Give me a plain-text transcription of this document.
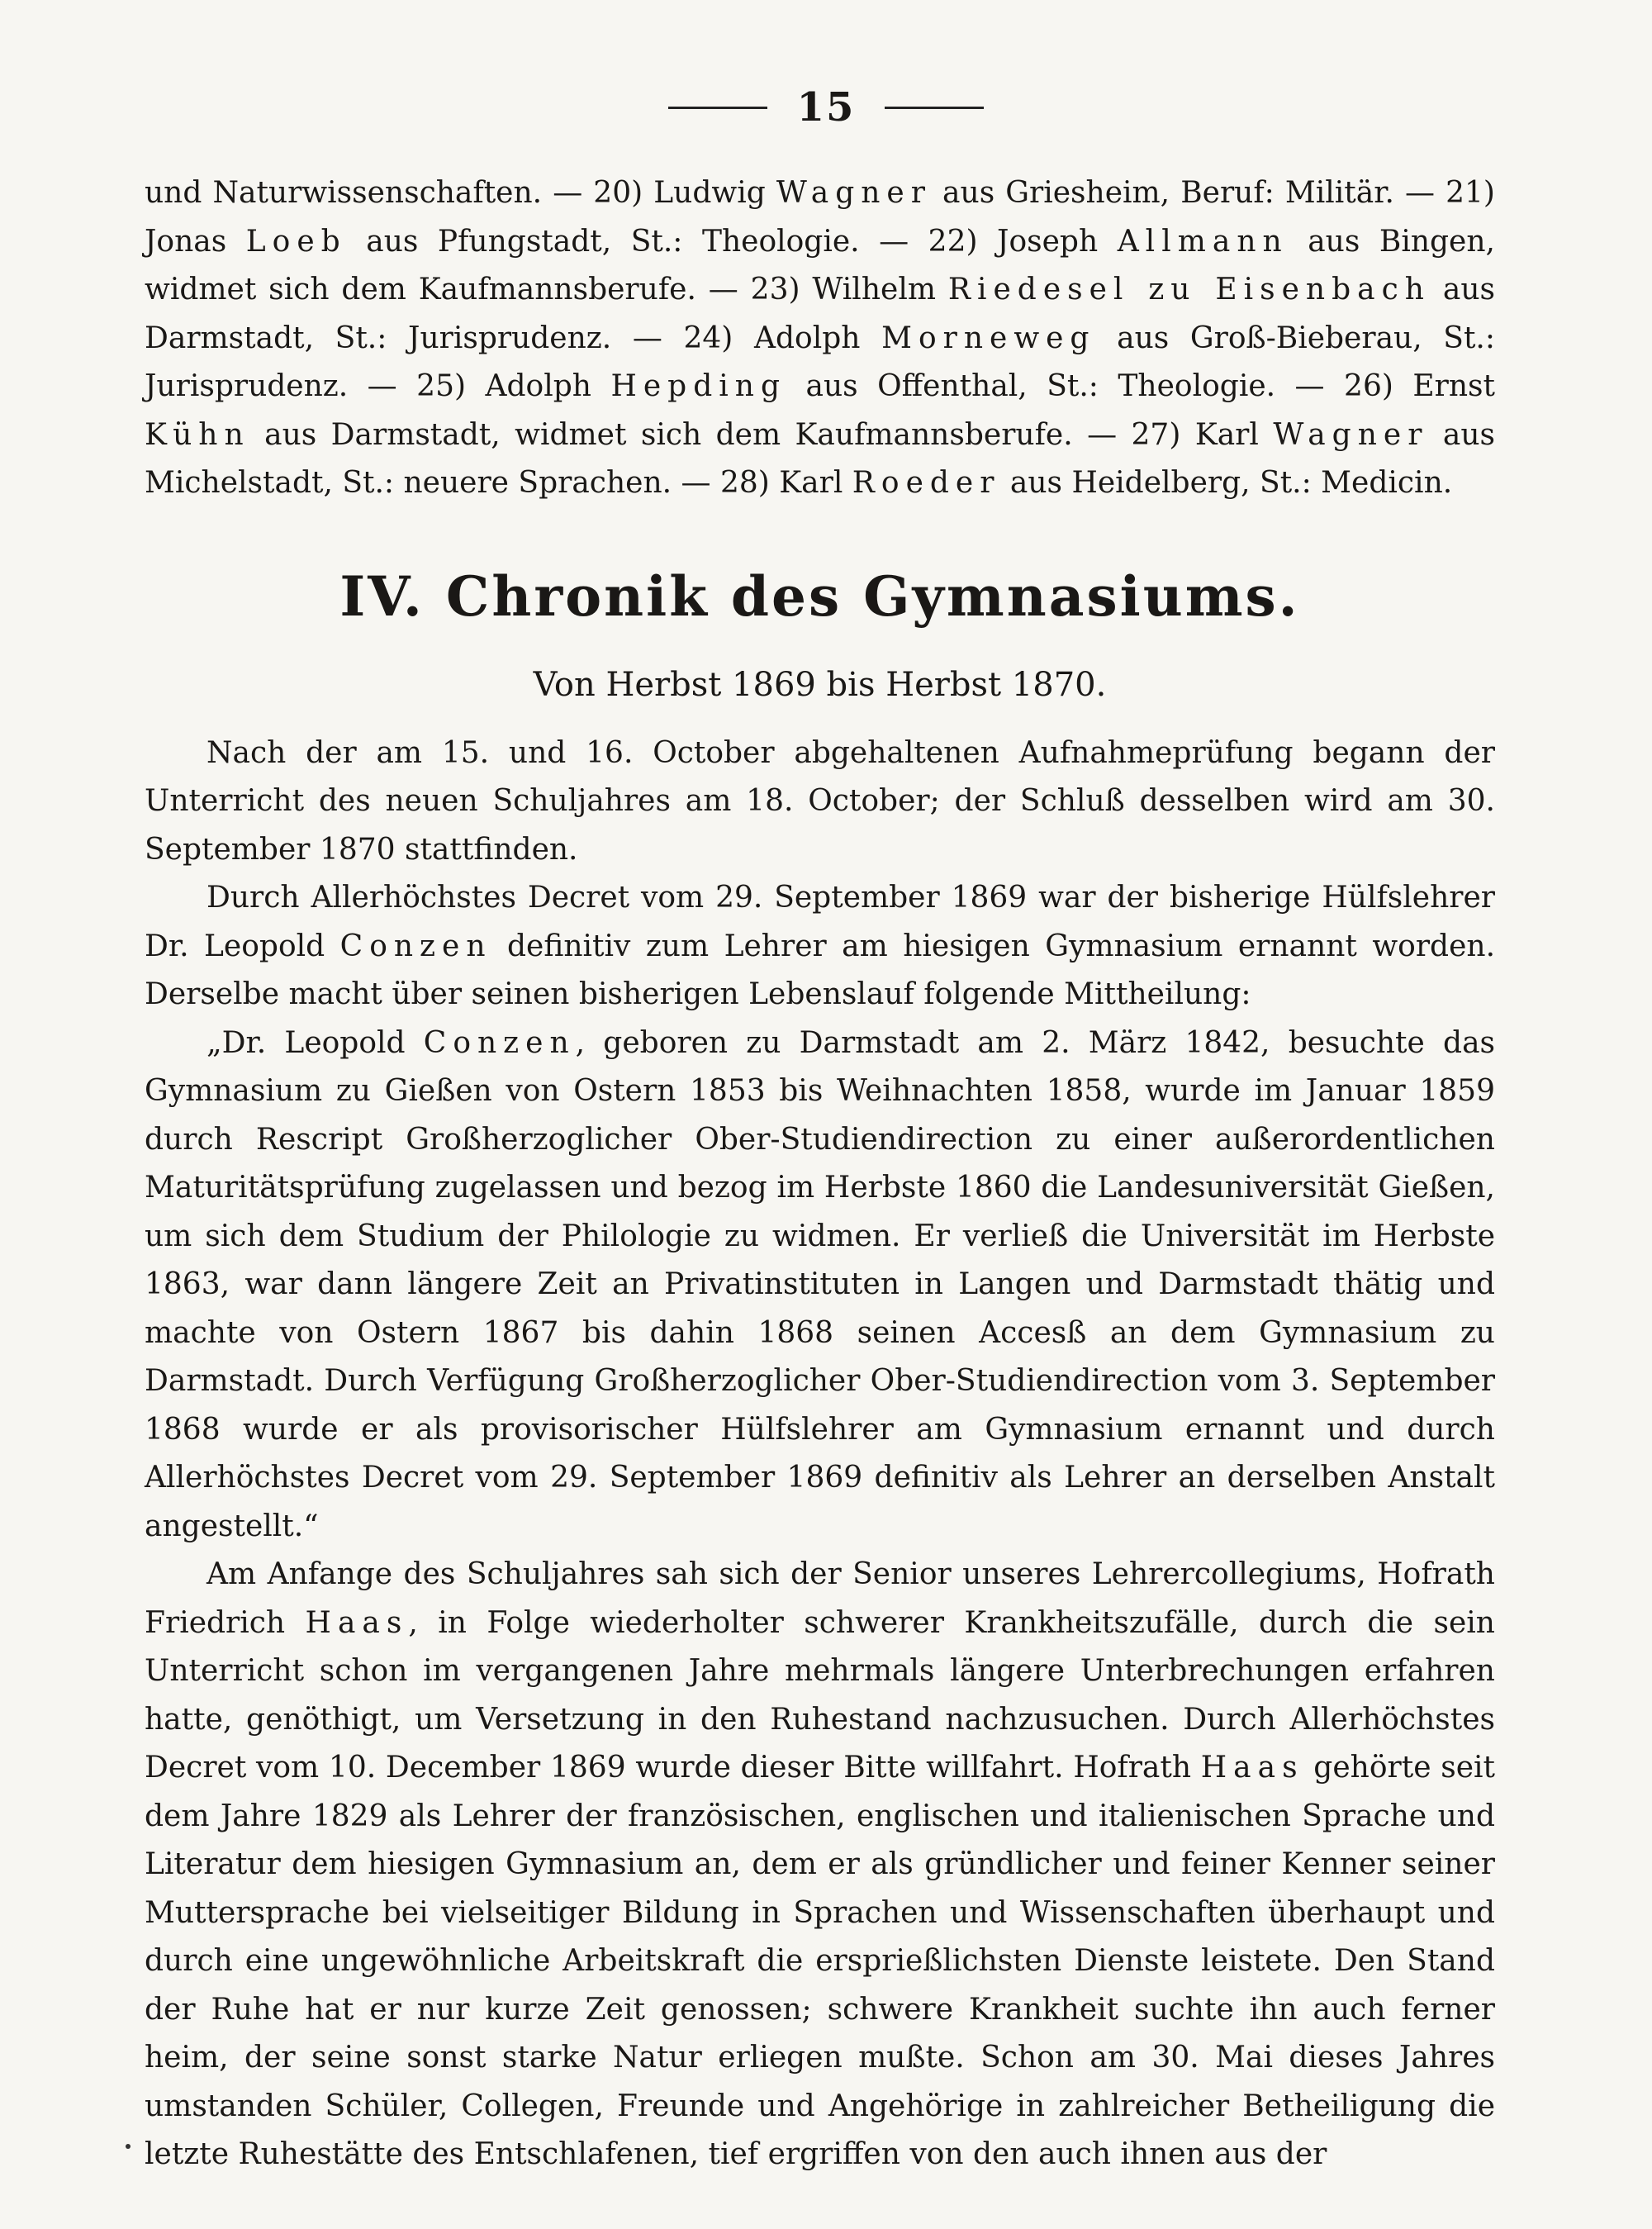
15

und Naturwissenschaften. — 20) Ludwig Wagner aus Griesheim, Beruf: Militär. — 21) Jonas Loeb aus Pfungstadt, St.: Theologie. — 22) Joseph Allmann aus Bingen, widmet sich dem Kaufmannsberufe. — 23) Wilhelm Riedesel zu Eisenbach aus Darmstadt, St.: Jurisprudenz. — 24) Adolph Morneweg aus Groß-Bieberau, St.: Jurisprudenz. — 25) Adolph Hepding aus Offenthal, St.: Theologie. — 26) Ernst Kühn aus Darmstadt, widmet sich dem Kaufmannsberufe. — 27) Karl Wagner aus Michelstadt, St.: neuere Sprachen. — 28) Karl Roeder aus Heidelberg, St.: Medicin.

IV. Chronik des Gymnasiums.

Von Herbst 1869 bis Herbst 1870.

Nach der am 15. und 16. October abgehaltenen Aufnahmeprüfung begann der Unterricht des neuen Schuljahres am 18. October; der Schluß desselben wird am 30. September 1870 stattfinden.

Durch Allerhöchstes Decret vom 29. September 1869 war der bisherige Hülfslehrer Dr. Leopold Conzen definitiv zum Lehrer am hiesigen Gymnasium ernannt worden. Derselbe macht über seinen bisherigen Lebenslauf folgende Mittheilung:

„Dr. Leopold Conzen, geboren zu Darmstadt am 2. März 1842, besuchte das Gymnasium zu Gießen von Ostern 1853 bis Weihnachten 1858, wurde im Januar 1859 durch Rescript Großherzoglicher Ober-Studiendirection zu einer außerordentlichen Maturitätsprüfung zugelassen und bezog im Herbste 1860 die Landesuniversität Gießen, um sich dem Studium der Philologie zu widmen. Er verließ die Universität im Herbste 1863, war dann längere Zeit an Privatinstituten in Langen und Darmstadt thätig und machte von Ostern 1867 bis dahin 1868 seinen Accesß an dem Gymnasium zu Darmstadt. Durch Verfügung Großherzoglicher Ober-Studiendirection vom 3. September 1868 wurde er als provisorischer Hülfslehrer am Gymnasium ernannt und durch Allerhöchstes Decret vom 29. September 1869 definitiv als Lehrer an derselben Anstalt angestellt.“

Am Anfange des Schuljahres sah sich der Senior unseres Lehrercollegiums, Hofrath Friedrich Haas, in Folge wiederholter schwerer Krankheitszufälle, durch die sein Unterricht schon im vergangenen Jahre mehrmals längere Unterbrechungen erfahren hatte, genöthigt, um Versetzung in den Ruhestand nachzusuchen. Durch Allerhöchstes Decret vom 10. December 1869 wurde dieser Bitte willfahrt. Hofrath Haas gehörte seit dem Jahre 1829 als Lehrer der französischen, englischen und italienischen Sprache und Literatur dem hiesigen Gymnasium an, dem er als gründlicher und feiner Kenner seiner Muttersprache bei vielseitiger Bildung in Sprachen und Wissenschaften überhaupt und durch eine ungewöhnliche Arbeitskraft die ersprießlichsten Dienste leistete. Den Stand der Ruhe hat er nur kurze Zeit genossen; schwere Krankheit suchte ihn auch ferner heim, der seine sonst starke Natur erliegen mußte. Schon am 30. Mai dieses Jahres umstanden Schüler, Collegen, Freunde und Angehörige in zahlreicher Betheiligung die letzte Ruhestätte des Entschlafenen, tief ergriffen von den auch ihnen aus der
